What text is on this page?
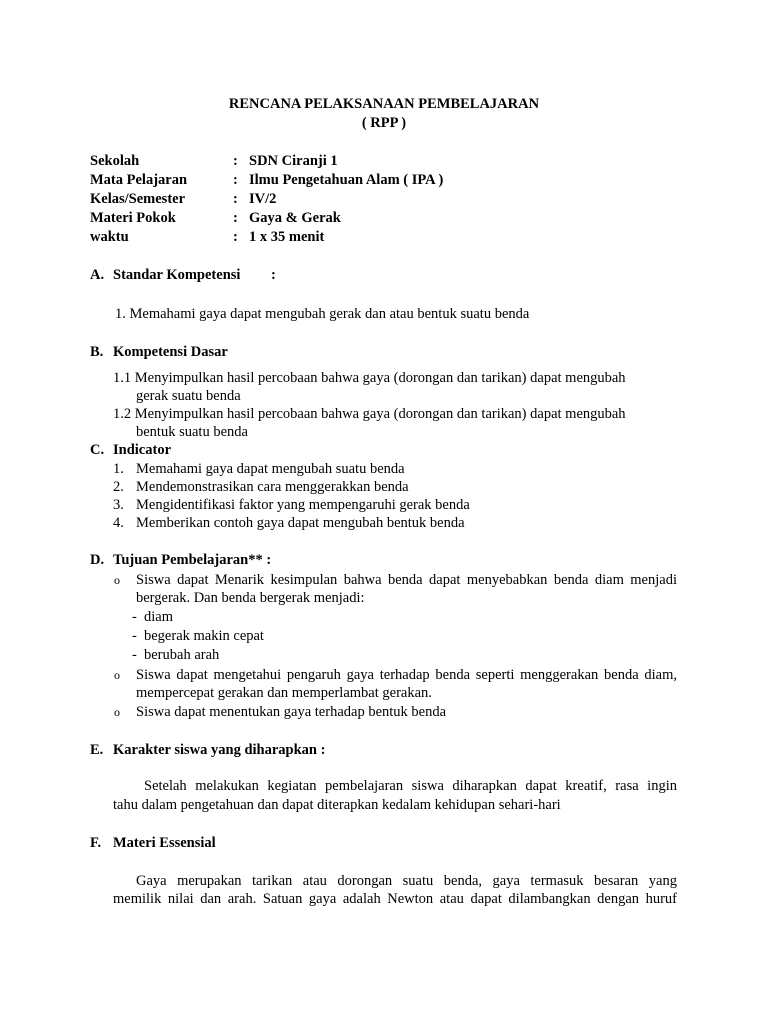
RENCANA PELAKSANAAN PEMBELAJARAN
( RPP )
Sekolah	: SDN Ciranji 1
Mata Pelajaran	: Ilmu Pengetahuan Alam ( IPA )
Kelas/Semester	: IV/2
Materi Pokok	: Gaya & Gerak
waktu	: 1 x 35 menit
A. Standar Kompetensi :
1. Memahami gaya dapat mengubah gerak dan atau bentuk suatu benda
B. Kompetensi Dasar
1.1 Menyimpulkan hasil percobaan bahwa gaya (dorongan dan tarikan) dapat mengubah
gerak suatu benda
1.2 Menyimpulkan hasil percobaan bahwa gaya (dorongan dan tarikan) dapat mengubah
bentuk suatu benda
C. Indicator
1. Memahami gaya dapat mengubah suatu benda
2. Mendemonstrasikan cara menggerakkan benda
3. Mengidentifikasi faktor yang mempengaruhi gerak benda
4. Memberikan contoh gaya dapat mengubah bentuk benda
D. Tujuan Pembelajaran** :
o Siswa dapat Menarik kesimpulan bahwa benda dapat menyebabkan benda diam menjadi
bergerak. Dan benda bergerak menjadi:
- diam
- begerak makin cepat
- berubah arah
o Siswa dapat mengetahui pengaruh gaya terhadap benda seperti menggerakan benda diam,
mempercepat gerakan dan memperlambat gerakan.
o Siswa dapat menentukan gaya terhadap bentuk benda
E. Karakter siswa yang diharapkan :
Setelah melakukan kegiatan pembelajaran siswa diharapkan dapat kreatif, rasa ingin
tahu dalam pengetahuan dan dapat diterapkan kedalam kehidupan sehari-hari
F. Materi Essensial
Gaya merupakan tarikan atau dorongan suatu benda, gaya termasuk besaran yang
memilik nilai dan arah. Satuan gaya adalah Newton atau dapat dilambangkan dengan huruf
